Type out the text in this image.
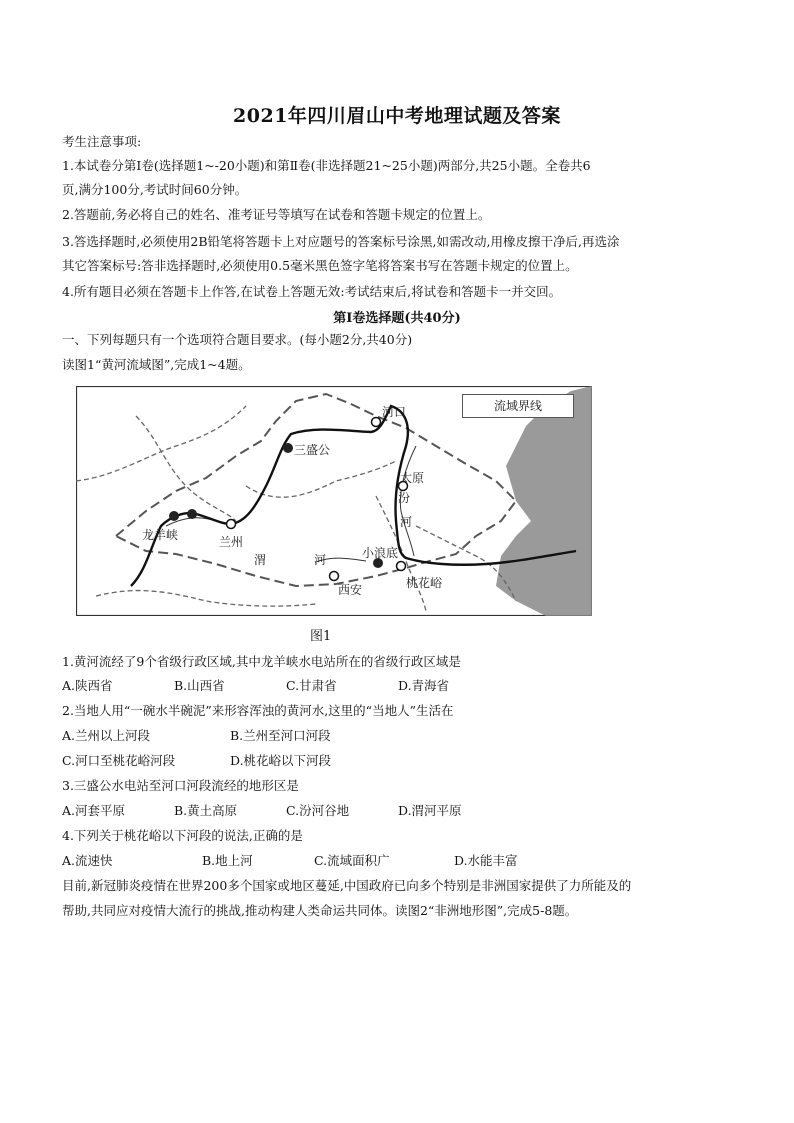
2021年四川眉山中考地理试题及答案
考生注意事项:
1.本试卷分第Ⅰ卷(选择题1~-20小题)和第Ⅱ卷(非选择题21~25小题)两部分,共25小题。全卷共6
页,满分100分,考试时间60分钟。
2.答题前,务必将自己的姓名、准考证号等填写在试卷和答题卡规定的位置上。
3.答选择题时,必须使用2B铅笔将答题卡上对应题号的答案标号涂黑,如需改动,用橡皮擦干净后,再选涂
其它答案标号:答非选择题时,必须使用0.5毫米黑色签字笔将答案书写在答题卡规定的位置上。
4.所有题目必须在答题卡上作答,在试卷上答题无效:考试结束后,将试卷和答题卡一并交回。
第Ⅰ卷选择题(共40分)
一、下列每题只有一个选项符合题目要求。(每小题2分,共40分)
读图1“黄河流域图”,完成1~4题。
流域界线
河口
三盛公
太原
汾
河
龙羊峡	兰州
渭	河	小浪底
西安	桃花峪
图1
1.黄河流经了9个省级行政区域,其中龙羊峡水电站所在的省级行政区域是
A.陕西省	B.山西省	C.甘肃省	D.青海省
2.当地人用“一碗水半碗泥”来形容浑浊的黄河水,这里的“当地人”生活在
A.兰州以上河段	B.兰州至河口河段
C.河口至桃花峪河段	D.桃花峪以下河段
3.三盛公水电站至河口河段流经的地形区是
A.河套平原	B.黄土高原	C.汾河谷地	D.渭河平原
4.下列关于桃花峪以下河段的说法,正确的是
A.流速快	B.地上河	C.流域面积广	D.水能丰富
目前,新冠肺炎疫情在世界200多个国家或地区蔓延,中国政府已向多个特别是非洲国家提供了力所能及的
帮助,共同应对疫情大流行的挑战,推动构建人类命运共同体。读图2“非洲地形图”,完成5-8题。
